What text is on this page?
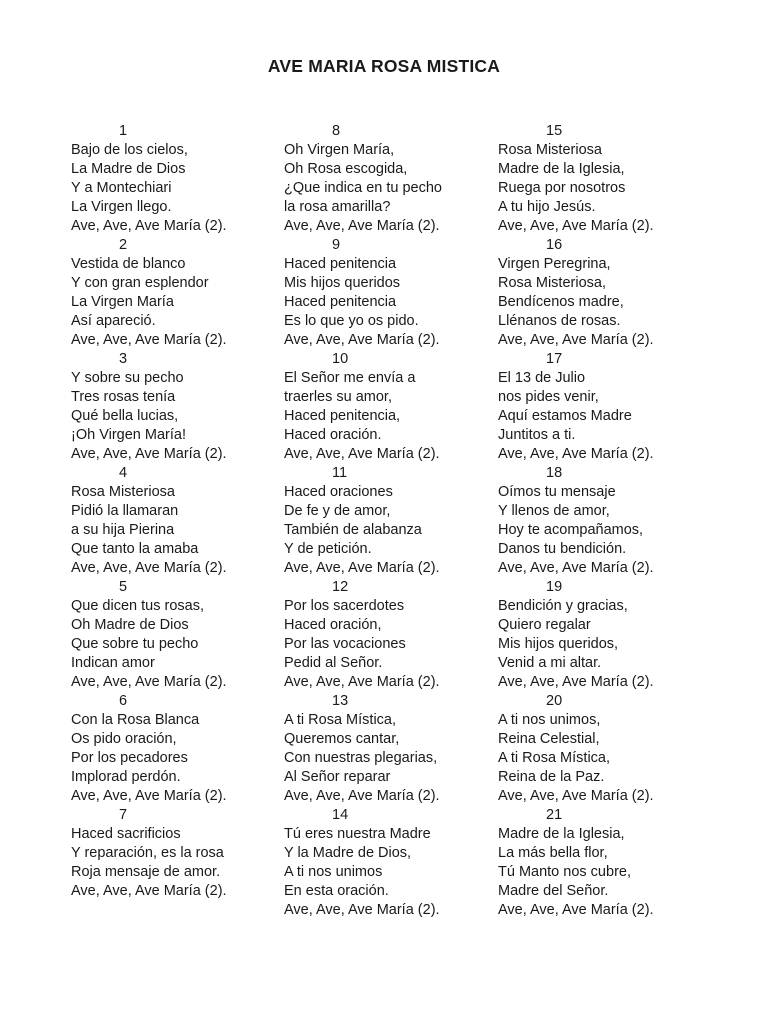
AVE MARIA ROSA MISTICA
1
Bajo de los cielos,
La Madre de Dios
Y a Montechiari
La Virgen llego.
Ave, Ave, Ave María (2).
2
Vestida de blanco
Y con gran esplendor
La Virgen María
Así apareció.
Ave, Ave, Ave María (2).
3
Y sobre su pecho
Tres rosas tenía
Qué bella lucias,
¡Oh Virgen María!
Ave, Ave, Ave María (2).
4
Rosa Misteriosa
Pidió la llamaran
a su hija Pierina
Que tanto la amaba
Ave, Ave, Ave María (2).
5
Que dicen tus rosas,
Oh Madre de Dios
Que sobre tu pecho
Indican amor
Ave, Ave, Ave María (2).
6
Con la Rosa Blanca
Os pido oración,
Por los pecadores
Implorad perdón.
Ave, Ave, Ave María (2).
7
Haced sacrificios
Y reparación, es la rosa
Roja mensaje de amor.
Ave, Ave, Ave María (2).
8
Oh Virgen María,
Oh Rosa escogida,
¿Que indica en tu pecho
la rosa amarilla?
Ave, Ave, Ave María (2).
9
Haced penitencia
Mis hijos queridos
Haced penitencia
Es lo que yo os pido.
Ave, Ave, Ave María (2).
10
El Señor me envía a
traerles su amor,
Haced penitencia,
Haced oración.
Ave, Ave, Ave María (2).
11
Haced oraciones
De fe y de amor,
También de alabanza
Y de petición.
Ave, Ave, Ave María (2).
12
Por los sacerdotes
Haced oración,
Por las vocaciones
Pedid al Señor.
Ave, Ave, Ave María (2).
13
A ti Rosa Mística,
Queremos cantar,
Con nuestras plegarias,
Al Señor reparar
Ave, Ave, Ave María (2).
14
Tú eres nuestra Madre
Y la Madre de Dios,
A ti nos unimos
En esta oración.
Ave, Ave, Ave María (2).
15
Rosa Misteriosa
Madre de la Iglesia,
Ruega por nosotros
A tu hijo Jesús.
Ave, Ave, Ave María (2).
16
Virgen Peregrina,
Rosa Misteriosa,
Bendícenos madre,
Llénanos de rosas.
Ave, Ave, Ave María (2).
17
El 13 de Julio
nos pides venir,
Aquí estamos Madre
Juntitos a ti.
Ave, Ave, Ave María (2).
18
Oímos tu mensaje
Y llenos de amor,
Hoy te acompañamos,
Danos tu bendición.
Ave, Ave, Ave María (2).
19
Bendición y gracias,
Quiero regalar
Mis hijos queridos,
Venid a mi altar.
Ave, Ave, Ave María (2).
20
A ti nos unimos,
Reina Celestial,
A ti Rosa Mística,
Reina de la Paz.
Ave, Ave, Ave María (2).
21
Madre de la Iglesia,
La más bella flor,
Tú Manto nos cubre,
Madre del Señor.
Ave, Ave, Ave María (2).
